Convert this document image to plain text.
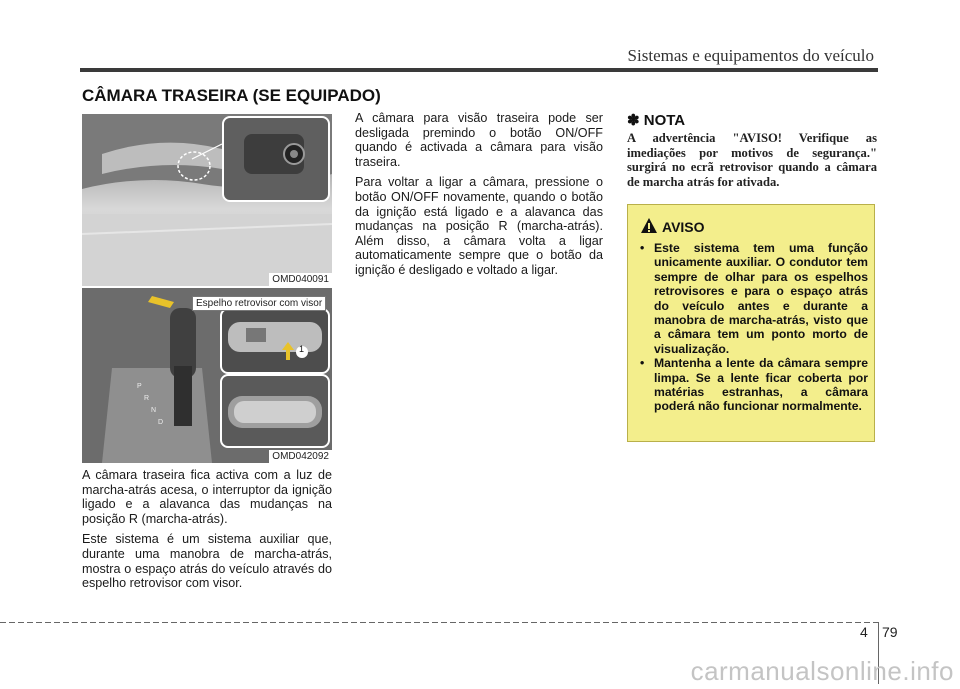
Sistemas e equipamentos do veículo
CÂMARA TRASEIRA (SE EQUIPADO)
OMD040091
P
R
N
D
1
Espelho retrovisor com visor
OMD042092

A câmara traseira fica activa com a luz de marcha-atrás acesa, o interruptor da ignição ligado e a alavanca das mudanças na posição R (marcha-atrás).

Este sistema é um sistema auxiliar que, durante uma manobra de marcha-atrás, mostra o espaço atrás do veículo através do espelho retrovisor com visor.

A câmara para visão traseira pode ser desligada premindo o botão ON/OFF quando é activada a câmara para visão traseira.

Para voltar a ligar a câmara, pressione o botão ON/OFF novamente, quando o botão da ignição está ligado e a alavanca das mudanças na posição R (marcha-atrás). Além disso, a câmara volta a ligar automaticamente sempre que o botão da ignição é desligado e voltado a ligar.

✽ NOTA
A advertência "AVISO! Verifique as imediações por motivos de segurança." surgirá no ecrã retrovisor quando a câmara de marcha atrás for ativada.
AVISO
• Este sistema tem uma função unicamente auxiliar. O condutor tem sempre de olhar para os espelhos retrovisores e para o espaço atrás do veículo antes e durante a manobra de marcha-atrás, visto que a câmara tem um ponto morto de visualização.
• Mantenha a lente da câmara sempre limpa. Se a lente ficar coberta por matérias estranhas, a câmara poderá não funcionar normalmente.
4 79
carmanualsonline.info
